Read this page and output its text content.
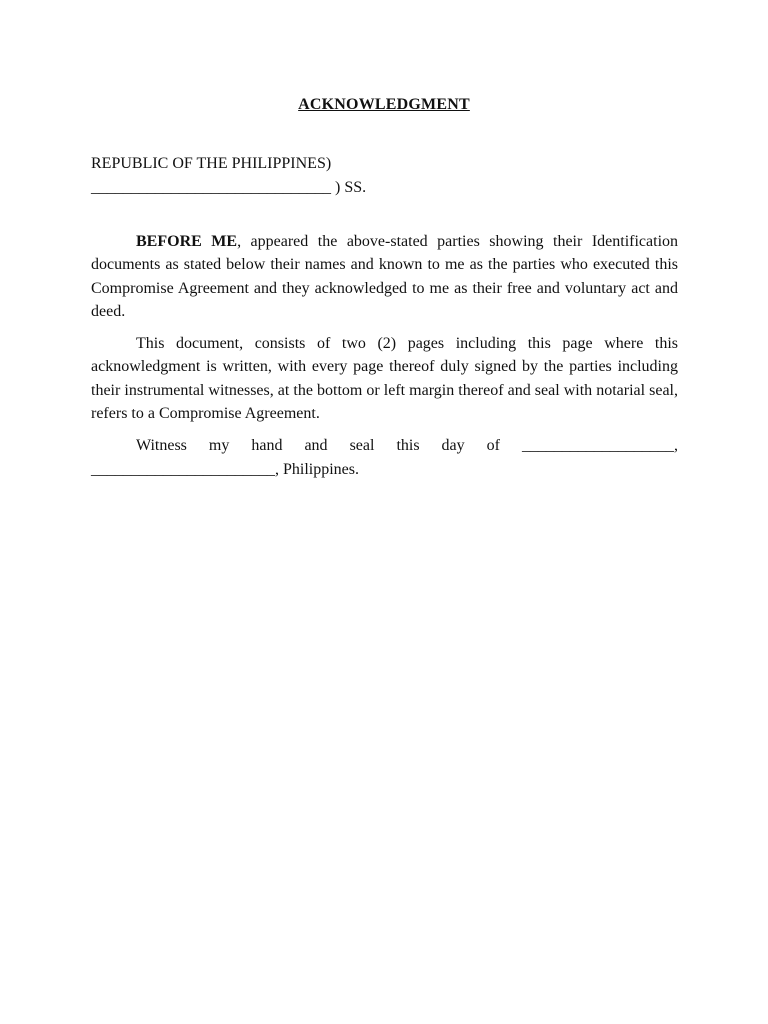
ACKNOWLEDGMENT
REPUBLIC OF THE PHILIPPINES)
______________________________ ) SS.

BEFORE ME, appeared the above-stated parties showing their Identification documents as stated below their names and known to me as the parties who executed this Compromise Agreement and they acknowledged to me as their free and voluntary act and deed.

This document, consists of two (2) pages including this page where this acknowledgment is written, with every page thereof duly signed by the parties including their instrumental witnesses, at the bottom or left margin thereof and seal with notarial seal, refers to a Compromise Agreement.

Witness my hand and seal this day of ___________________, _______________________, Philippines.
